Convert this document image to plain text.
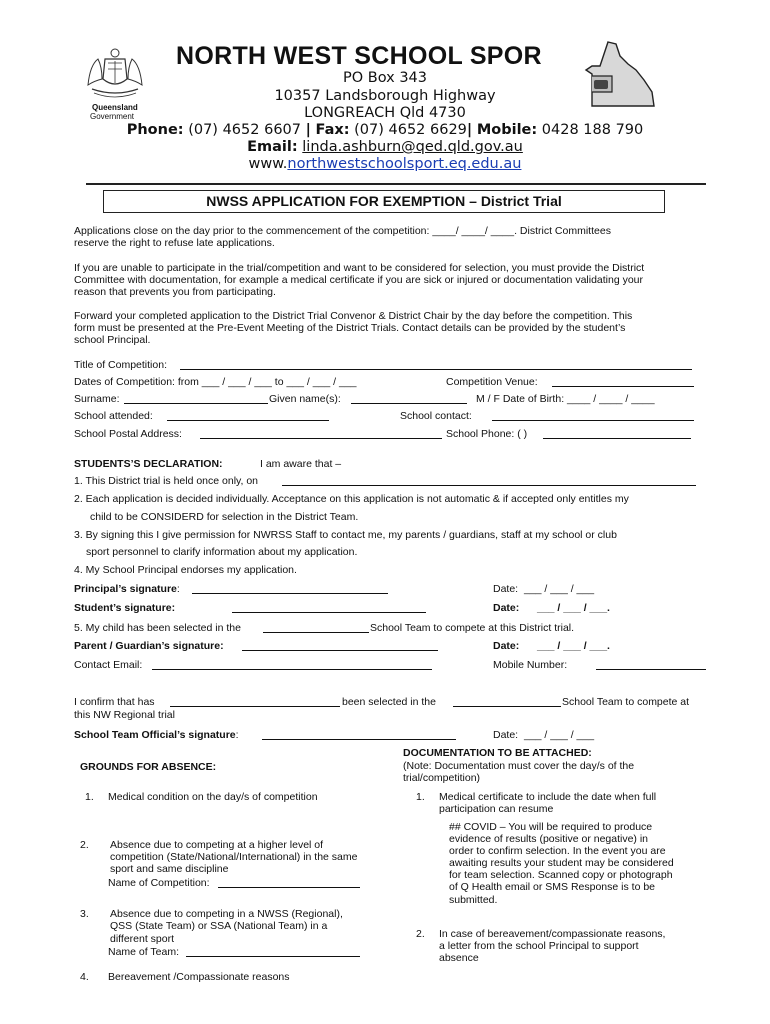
Queensland
Government
NORTH WEST SCHOOL SPOR
PO Box 343
10357 Landsborough Highway
LONGREACH Qld 4730
Phone: (07) 4652 6607 | Fax: (07) 4652 6629| Mobile: 0428 188 790
Email: linda.ashburn@qed.qld.gov.au
www.northwestschoolsport.eq.edu.au
NWSS APPLICATION FOR EXEMPTION – District Trial
Applications close on the day prior to the commencement of the competition: ____/ ____/ ____. District Committees
reserve the right to refuse late applications.
If you are unable to participate in the trial/competition and want to be considered for selection, you must provide the District
Committee with documentation, for example a medical certificate if you are sick or injured or documentation validating your
reason that prevents you from participating.
Forward your completed application to the District Trial Convenor & District Chair by the day before the competition. This
form must be presented at the Pre-Event Meeting of the District Trials. Contact details can be provided by the student’s
school Principal.
Title of Competition:
Dates of Competition: from ___ / ___ / ___ to ___ / ___ / ___	Competition Venue:
Surname:	Given name(s):	M / F Date of Birth: ____ / ____ / ____
School attended:	School contact:
School Postal Address:	School Phone: ( )
STUDENTS’S DECLARATION:	I am aware that –
1. This District trial is held once only, on
2. Each application is decided individually. Acceptance on this application is not automatic & if accepted only entitles my
child to be CONSIDERD for selection in the District Team.
3. By signing this I give permission for NWRSS Staff to contact me, my parents / guardians, staff at my school or club
sport personnel to clarify information about my application.
4. My School Principal endorses my application.
Principal’s signature:	Date: ___ / ___ / ___
Student’s signature:	Date: ___ / ___ / ___.
5. My child has been selected in the	School Team to compete at this District trial.
Parent / Guardian’s signature:	Date: ___ / ___ / ___.
Contact Email:	Mobile Number:
I confirm that has	been selected in the	School Team to compete at
this NW Regional trial
School Team Official’s signature:	Date: ___ / ___ / ___
GROUNDS FOR ABSENCE:
1. Medical condition on the day/s of competition
2. Absence due to competing at a higher level of
competition (State/National/International) in the same
sport and same discipline
Name of Competition:
3. Absence due to competing in a NWSS (Regional),
QSS (State Team) or SSA (National Team) in a
different sport
Name of Team:
4. Bereavement /Compassionate reasons
DOCUMENTATION TO BE ATTACHED:
(Note: Documentation must cover the day/s of the
trial/competition)
1. Medical certificate to include the date when full
participation can resume
## COVID – You will be required to produce
evidence of results (positive or negative) in
order to confirm selection. In the event you are
awaiting results your student may be considered
for team selection. Scanned copy or photograph
of Q Health email or SMS Response is to be
submitted.
2. In case of bereavement/compassionate reasons,
a letter from the school Principal to support
absence
